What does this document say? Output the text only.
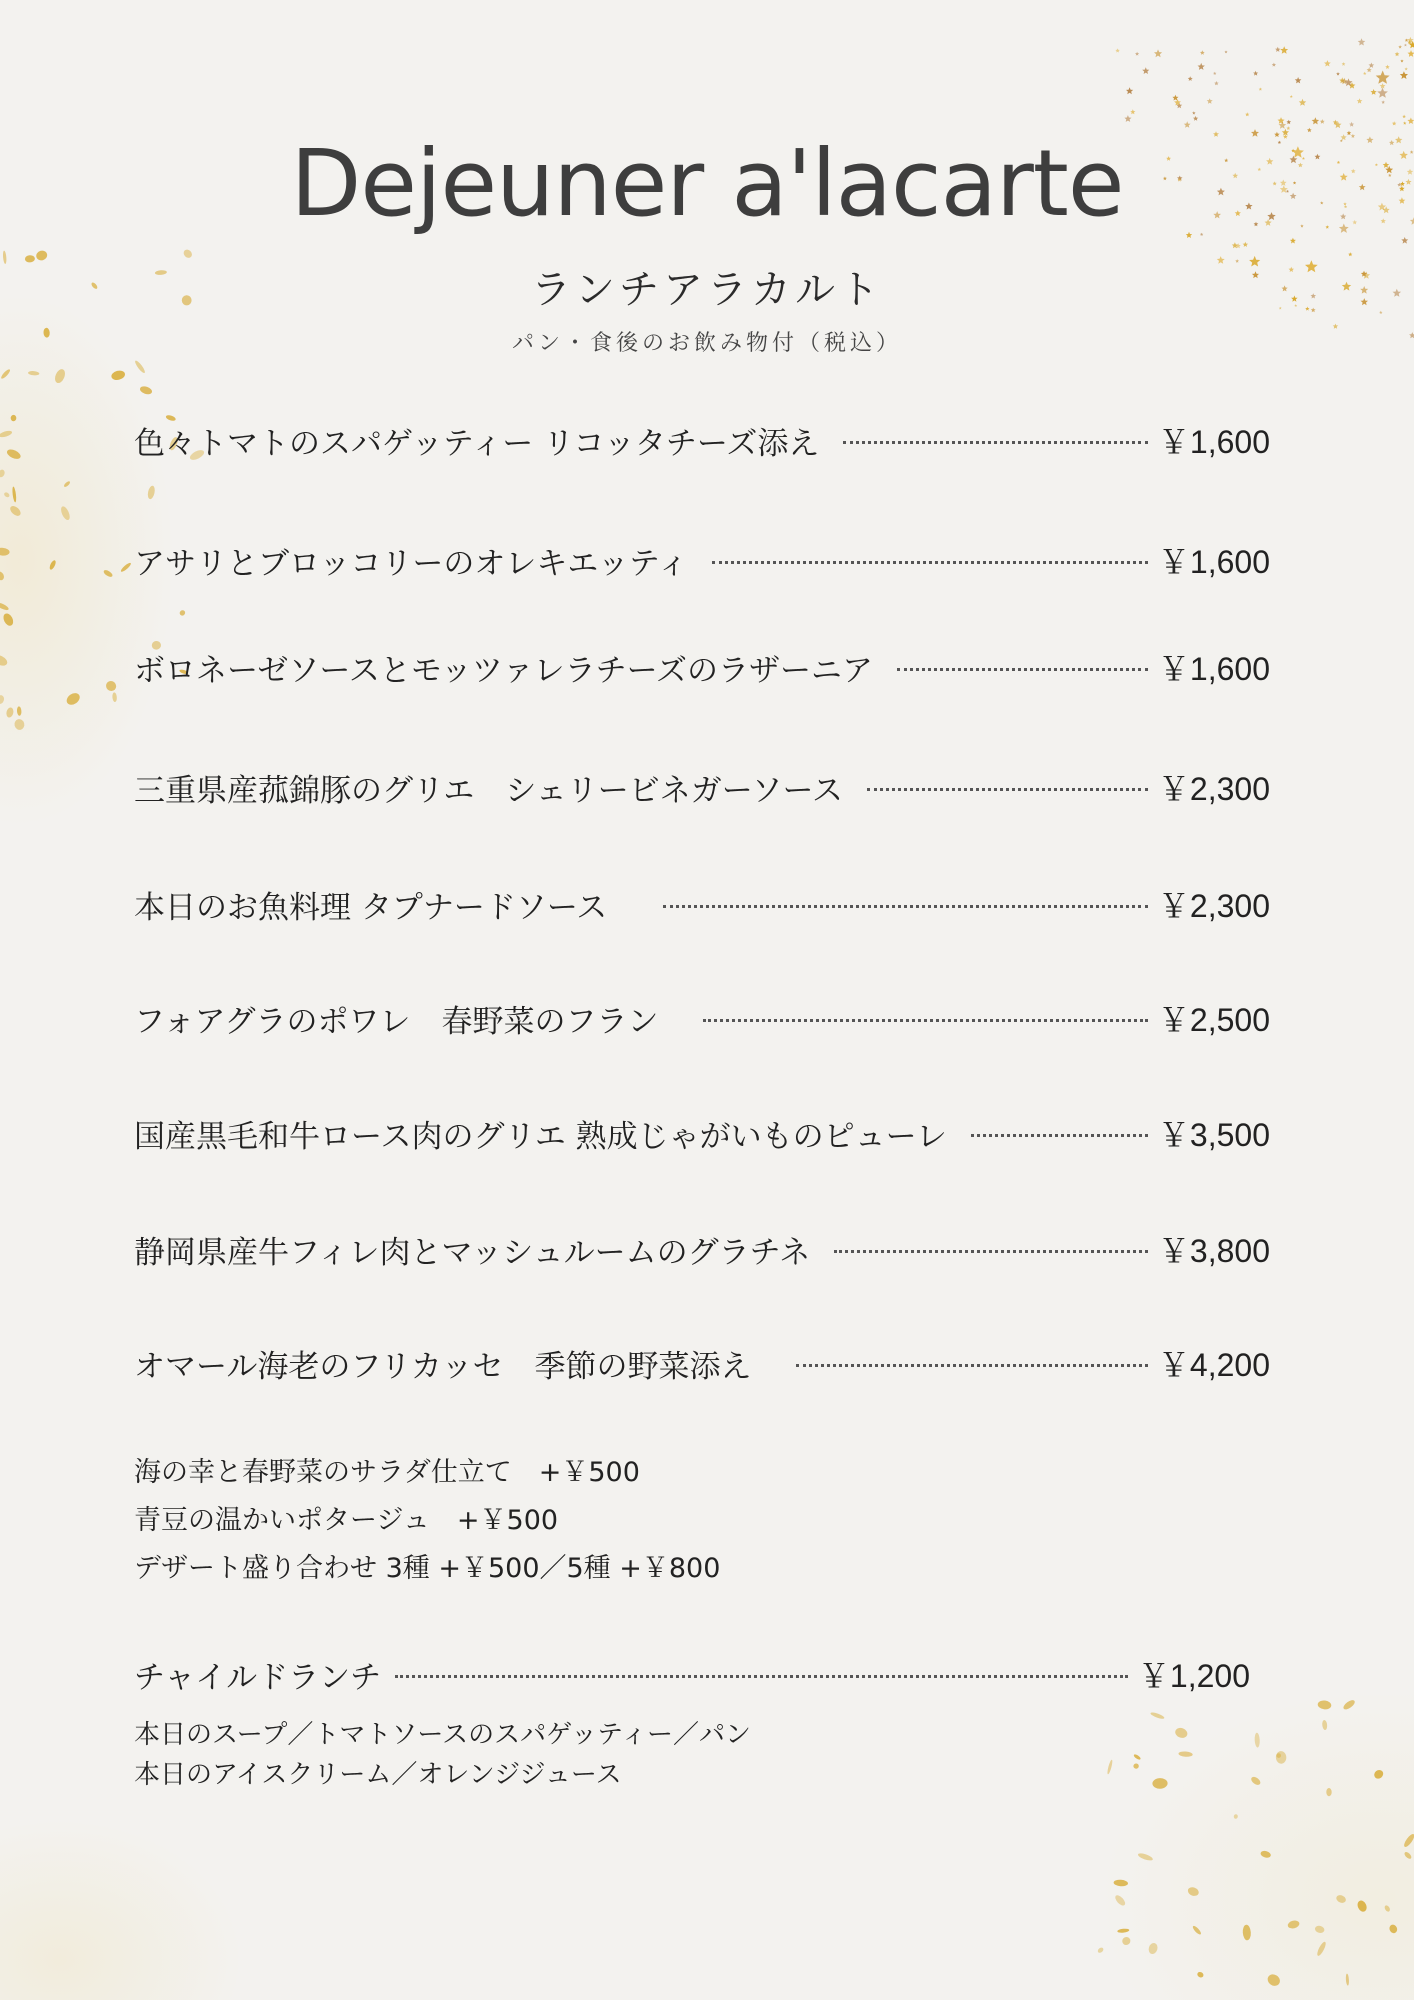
Dejeuner a'lacarte
ランチアラカルト
パン・食後のお飲み物付（税込）
色々トマトのスパゲッティー リコッタチーズ添え	￥1,600
アサリとブロッコリーのオレキエッティ	￥1,600
ボロネーゼソースとモッツァレラチーズのラザーニア	￥1,600
三重県産菰錦豚のグリエ　シェリービネガーソース	￥2,300
本日のお魚料理 タプナードソース	￥2,300
フォアグラのポワレ　春野菜のフラン	￥2,500
国産黒毛和牛ロース肉のグリエ 熟成じゃがいものピューレ	￥3,500
静岡県産牛フィレ肉とマッシュルームのグラチネ	￥3,800
オマール海老のフリカッセ　季節の野菜添え	￥4,200
海の幸と春野菜のサラダ仕立て　+￥500
青豆の温かいポタージュ　+￥500
デザート盛り合わせ 3種 +￥500／5種 +￥800
チャイルドランチ	￥1,200
本日のスープ／トマトソースのスパゲッティー／パン
本日のアイスクリーム／オレンジジュース
